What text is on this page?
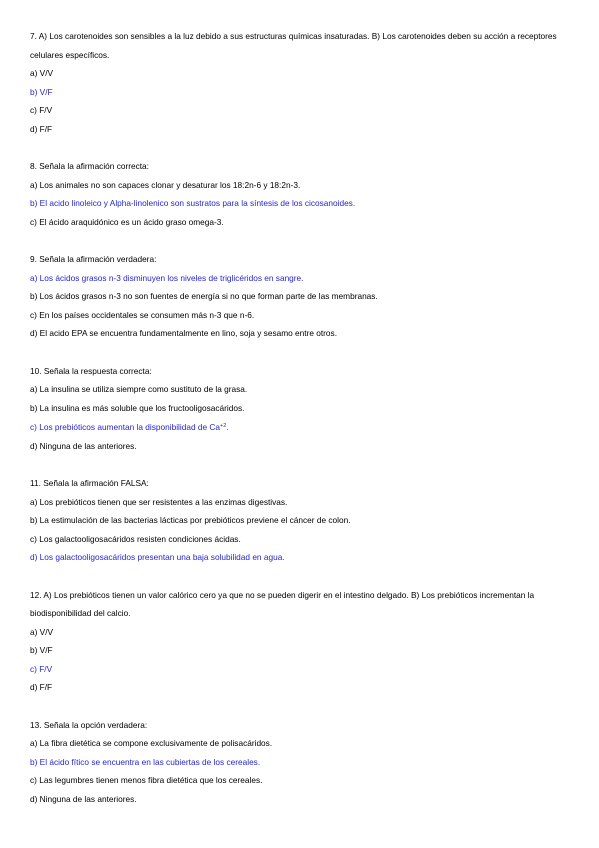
7. A) Los carotenoides son sensibles a la luz debido a sus estructuras químicas insaturadas. B) Los carotenoides deben su acción a receptores celulares específicos.
a) V/V
b) V/F
c) F/V
d) F/F
8. Señala la afirmación correcta:
a) Los animales no son capaces clonar y desaturar los 18:2n-6 y 18:2n-3.
b) El acido linoleico y Alpha-linolenico son sustratos para la síntesis de los cicosanoides.
c) El ácido araquidónico es un ácido graso omega-3.
9. Señala la afirmación verdadera:
a) Los ácidos grasos n-3 disminuyen los niveles de triglicéridos en sangre.
b) Los ácidos grasos n-3 no son fuentes de energía si no que forman parte de las membranas.
c) En los países occidentales se consumen más n-3 que n-6.
d) El acido EPA se encuentra fundamentalmente en lino, soja y sesamo entre otros.
10. Señala la respuesta correcta:
a) La insulina se utiliza siempre como sustituto de la grasa.
b) La insulina es más soluble que los fructooligosacáridos.
c) Los prebióticos aumentan la disponibilidad de $Ca^{+2}$.
d) Ninguna de las anteriores.
11. Señala la afirmación FALSA:
a) Los prebióticos tienen que ser resistentes a las enzimas digestivas.
b) La estimulación de las bacterias lácticas por prebióticos previene el cáncer de colon.
c) Los galactooligosacáridos resisten condiciones ácidas.
d) Los galactooligosacáridos presentan una baja solubilidad en agua.
12. A) Los prebióticos tienen un valor calórico cero ya que no se pueden digerir en el intestino delgado. B) Los prebióticos incrementan la biodisponibilidad del calcio.
a) V/V
b) V/F
c) F/V
d) F/F
13. Señala la opción verdadera:
a) La fibra dietética se compone exclusivamente de polisacáridos.
b) El ácido fítico se encuentra en las cubiertas de los cereales.
c) Las legumbres tienen menos fibra dietética que los cereales.
d) Ninguna de las anteriores.
